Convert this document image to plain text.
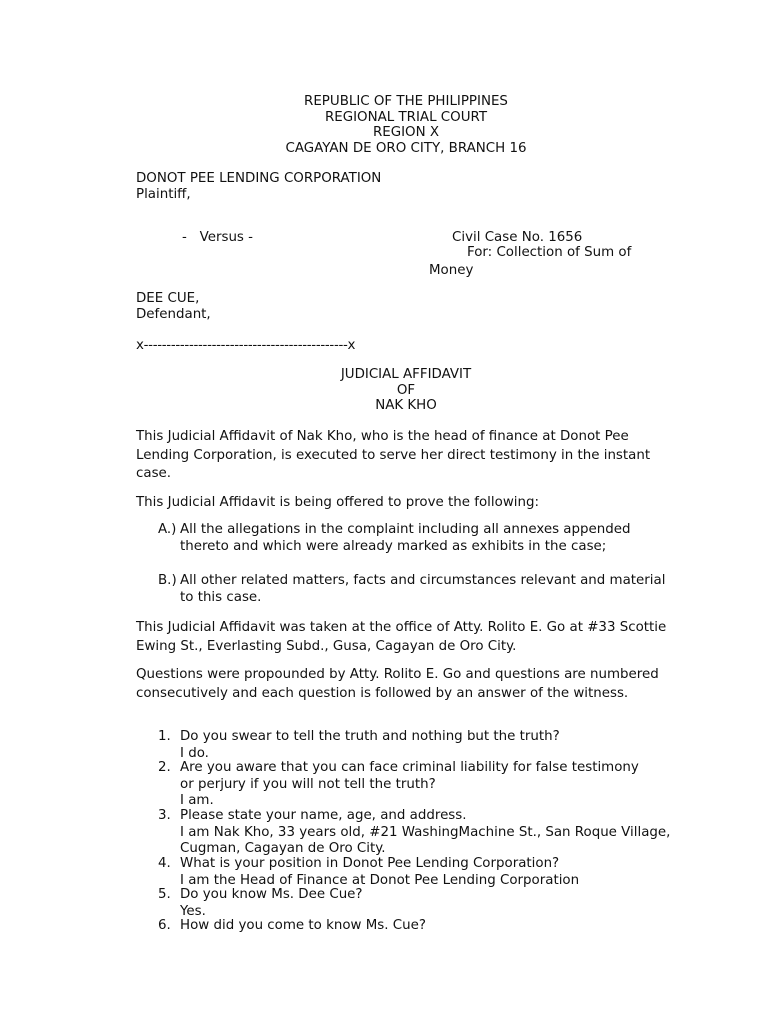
REPUBLIC OF THE PHILIPPINES

REGIONAL TRIAL COURT

REGION X

CAGAYAN DE ORO CITY, BRANCH 16

DONOT PEE LENDING CORPORATION

Plaintiff,

-   Versus -	Civil Case No. 1656

For: Collection of Sum of

Money

DEE CUE,

Defendant,

x---------------------------------------------x

JUDICIAL AFFIDAVIT

OF

NAK KHO

This Judicial Affidavit of Nak Kho, who is the head of finance at Donot Pee Lending Corporation, is executed to serve her direct testimony in the instant case.

This Judicial Affidavit is being offered to prove the following:

A.) All the allegations in the complaint including all annexes appended thereto and which were already marked as exhibits in the case;
B.) All other related matters, facts and circumstances relevant and material to this case.

This Judicial Affidavit was taken at the office of Atty. Rolito E. Go at #33 Scottie Ewing St., Everlasting Subd., Gusa, Cagayan de Oro City.

Questions were propounded by Atty. Rolito E. Go and questions are numbered consecutively and each question is followed by an answer of the witness.

1. Do you swear to tell the truth and nothing but the truth?
I do.
2. Are you aware that you can face criminal liability for false testimony or perjury if you will not tell the truth?
I am.
3. Please state your name, age, and address.
I am Nak Kho, 33 years old, #21 WashingMachine St., San Roque Village, Cugman, Cagayan de Oro City.
4. What is your position in Donot Pee Lending Corporation?
I am the Head of Finance at Donot Pee Lending Corporation
5. Do you know Ms. Dee Cue?
Yes.
6. How did you come to know Ms. Cue?
